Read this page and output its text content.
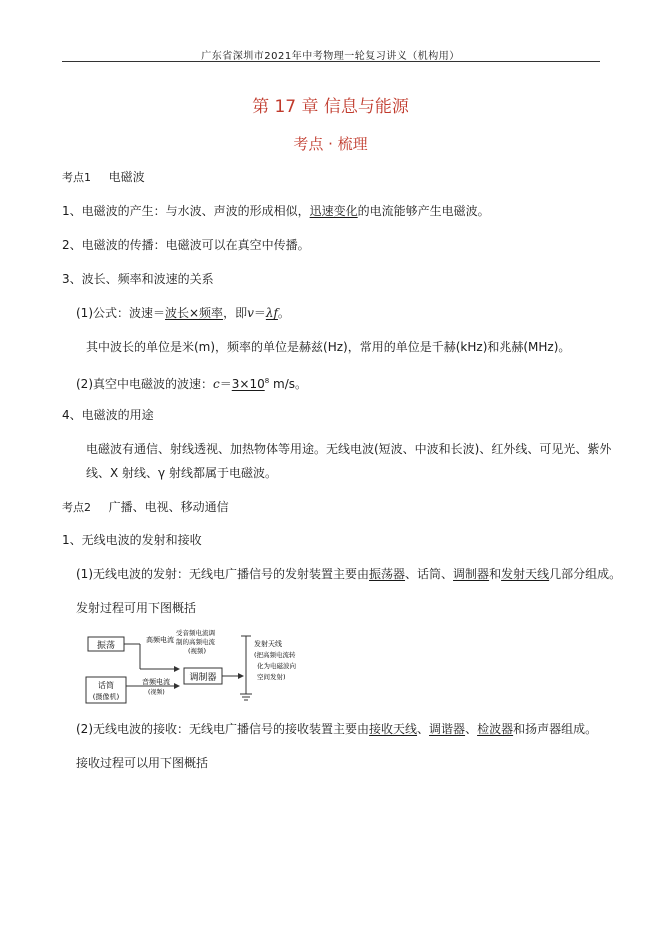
广东省深圳市2021年中考物理一轮复习讲义（机构用）
第 17 章 信息与能源
考点 · 梳理
考点1 电磁波
1、电磁波的产生：与水波、声波的形成相似，迅速变化的电流能够产生电磁波。
2、电磁波的传播：电磁波可以在真空中传播。
3、波长、频率和波速的关系
(1)公式：波速＝波长×频率，即v＝λf。
其中波长的单位是米(m)，频率的单位是赫兹(Hz)，常用的单位是千赫(kHz)和兆赫(MHz)。
(2)真空中电磁波的波速：$c=3\times 10^8$ m/s。
4、电磁波的用途
电磁波有通信、射线透视、加热物体等用途。无线电波(短波、中波和长波)、红外线、可见光、紫外
线、X 射线、γ 射线都属于电磁波。
考点2 广播、电视、移动通信
1、无线电波的发射和接收
(1)无线电波的发射：无线电广播信号的发射装置主要由振荡器、话筒、调制器和发射天线几部分组成。
发射过程可用下图概括
振荡
话筒
(摄像机)
高频电流
音频电流
(视频)
受音频电流调
制的高频电流
(视频)
调制器
发射天线
(把高频电流转
化为电磁波向
空间发射)
(2)无线电波的接收：无线电广播信号的接收装置主要由接收天线、调谐器、检波器和扬声器组成。
接收过程可以用下图概括
